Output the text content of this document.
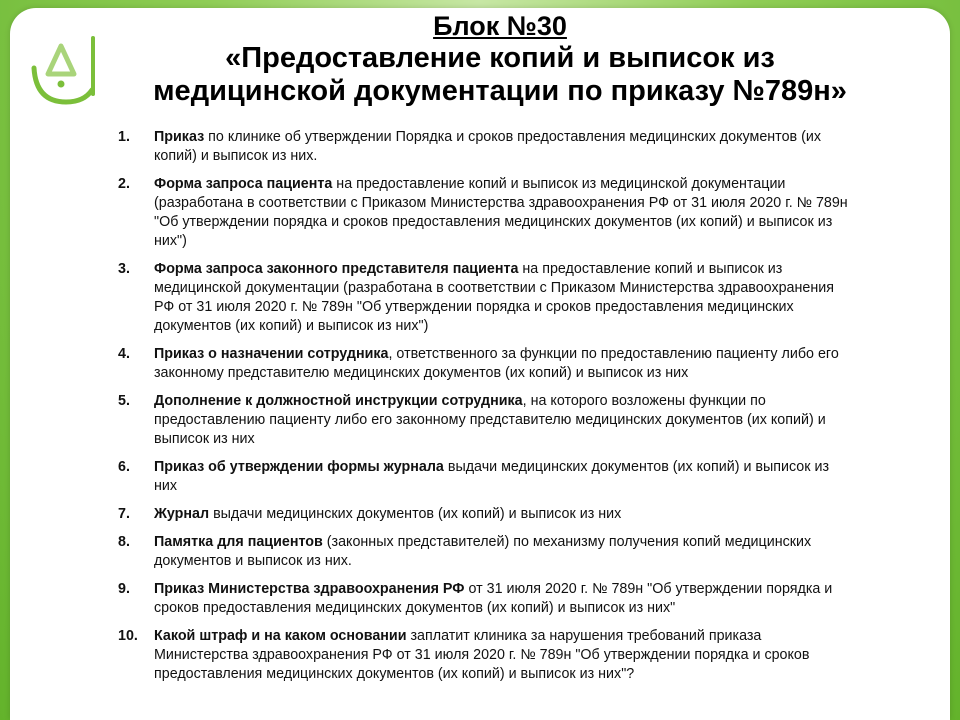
Блок №30
«Предоставление копий и выписок из
медицинской документации по приказу №789н»
1.	Приказ по клинике об утверждении Порядка и сроков предоставления медицинских документов (их копий) и выписок из них.
2.	Форма запроса пациента на предоставление копий и выписок из медицинской документации (разработана в соответствии с Приказом Министерства здравоохранения РФ от 31 июля 2020 г. № 789н "Об утверждении порядка и сроков предоставления медицинских документов (их копий) и выписок из них")
3.	Форма запроса законного представителя пациента на предоставление копий и выписок из медицинской документации (разработана в соответствии с Приказом Министерства здравоохранения РФ от 31 июля 2020 г. № 789н "Об утверждении порядка и сроков предоставления медицинских документов (их копий) и выписок из них")
4.	Приказ о назначении сотрудника, ответственного за функции по предоставлению пациенту либо его законному представителю медицинских документов (их копий) и выписок из них
5.	Дополнение к должностной инструкции сотрудника, на которого возложены функции по предоставлению пациенту либо его законному представителю медицинских документов (их копий) и выписок из них
6.	Приказ об утверждении формы журнала выдачи медицинских документов (их копий) и выписок из них
7.	Журнал выдачи медицинских документов (их копий) и выписок из них
8.	Памятка для пациентов (законных представителей) по механизму получения копий медицинских документов и выписок из них.
9.	Приказ Министерства здравоохранения РФ от 31 июля 2020 г. № 789н "Об утверждении порядка и сроков предоставления медицинских документов (их копий) и выписок из них"
10.	Какой штраф и на каком основании заплатит клиника за нарушения требований приказа Министерства здравоохранения РФ от 31 июля 2020 г. № 789н "Об утверждении порядка и сроков предоставления медицинских документов (их копий) и выписок из них"?
